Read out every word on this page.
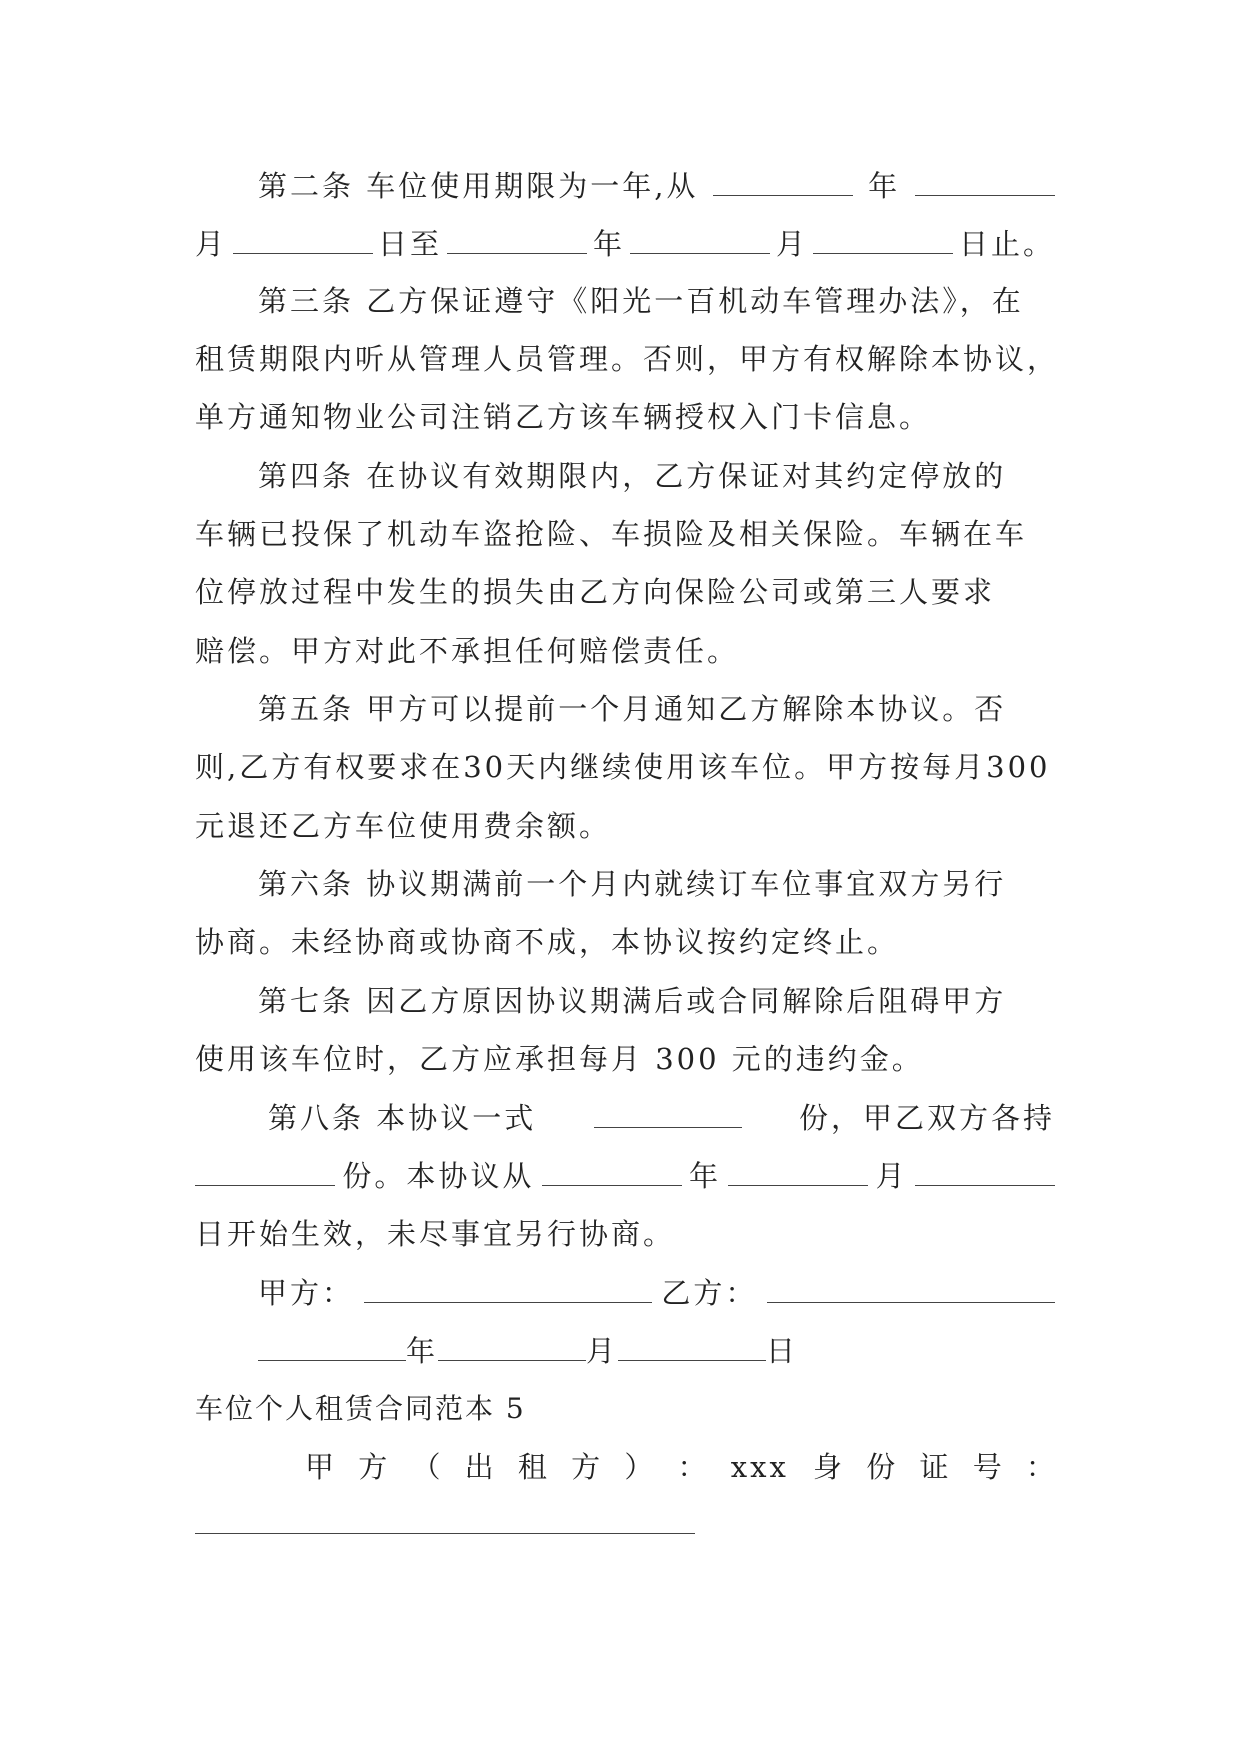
第二条 车位使用期限为一年,从	年
月	日至	年	月	日止。
第三条 乙方保证遵守《阳光一百机动车管理办法》，在
租赁期限内听从管理人员管理。否则，甲方有权解除本协议，
单方通知物业公司注销乙方该车辆授权入门卡信息。
第四条 在协议有效期限内，乙方保证对其约定停放的
车辆已投保了机动车盗抢险、车损险及相关保险。车辆在车
位停放过程中发生的损失由乙方向保险公司或第三人要求
赔偿。甲方对此不承担任何赔偿责任。
第五条 甲方可以提前一个月通知乙方解除本协议。否
则,乙方有权要求在30天内继续使用该车位。甲方按每月300
元退还乙方车位使用费余额。
第六条 协议期满前一个月内就续订车位事宜双方另行
协商。未经协商或协商不成，本协议按约定终止。
第七条 因乙方原因协议期满后或合同解除后阻碍甲方
使用该车位时，乙方应承担每月 300 元的违约金。
第八条 本协议一式	份，甲乙双方各持
份。本协议从	年	月
日开始生效，未尽事宜另行协商。
甲方：	乙方：
年	月	日
车位个人租赁合同范本 5
甲 方 （ 出 租 方 ） ： xxx 身 份 证 号 ：
